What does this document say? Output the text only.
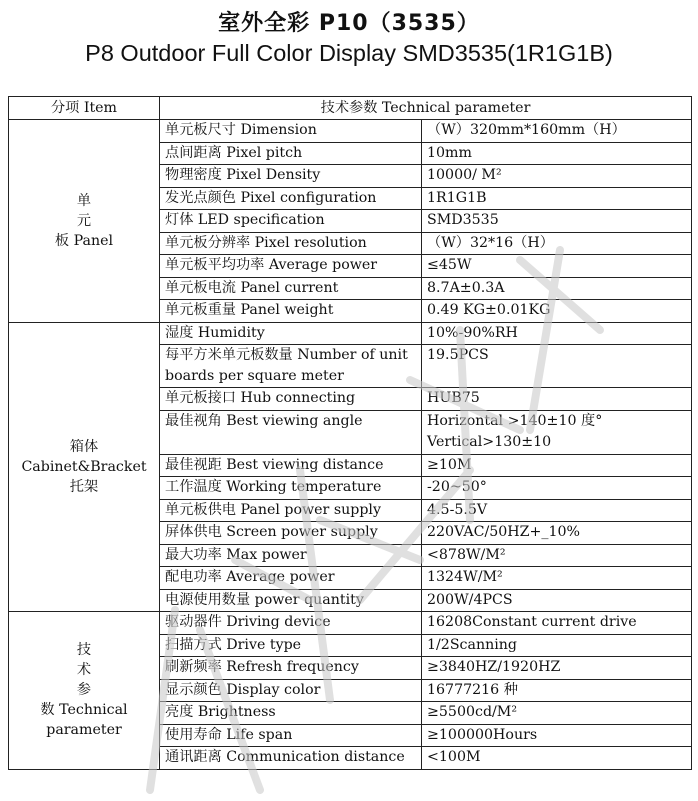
室外全彩 P10（3535）
P8 Outdoor Full Color Display SMD3535(1R1G1B)
分项 Item	技术参数 Technical parameter	

单
元
板 Panel	单元板尺寸 Dimension	（W）320mm*160mm（H）
	点间距离 Pixel pitch	10mm
	物理密度 Pixel Density	10000/ M²
	发光点颜色 Pixel configuration	1R1G1B
	灯体 LED specification	SMD3535
	单元板分辨率 Pixel resolution	（W）32*16（H）
	单元板平均功率 Average power	≤45W
	单元板电流 Panel current	8.7A±0.3A
	单元板重量 Panel weight	0.49 KG±0.01KG

箱体
Cabinet&Bracket
托架	湿度 Humidity	10%-90%RH
	每平方米单元板数量 Number of unit boards per square meter	19.5PCS
	单元板接口 Hub connecting	HUB75
	最佳视角 Best viewing angle	Horizontal >140±10 度°
Vertical>130±10

	最佳视距 Best viewing distance	≥10M
	工作温度 Working temperature	-20~50°
	单元板供电 Panel power supply	4.5-5.5V
	屏体供电 Screen power supply	220VAC/50HZ+_10%
	最大功率 Max power	<878W/M²
	配电功率 Average power	1324W/M²
	电源使用数量 power quantity	200W/4PCS

技
术
参
数 Technical
parameter	驱动器件 Driving device	16208Constant current drive
	扫描方式 Drive type	1/2Scanning
	刷新频率 Refresh frequency	≥3840HZ/1920HZ
	显示颜色 Display color	16777216 种
	亮度 Brightness	≥5500cd/M²
	使用寿命 Life span	≥100000Hours
	通讯距离 Communication distance	<100M
